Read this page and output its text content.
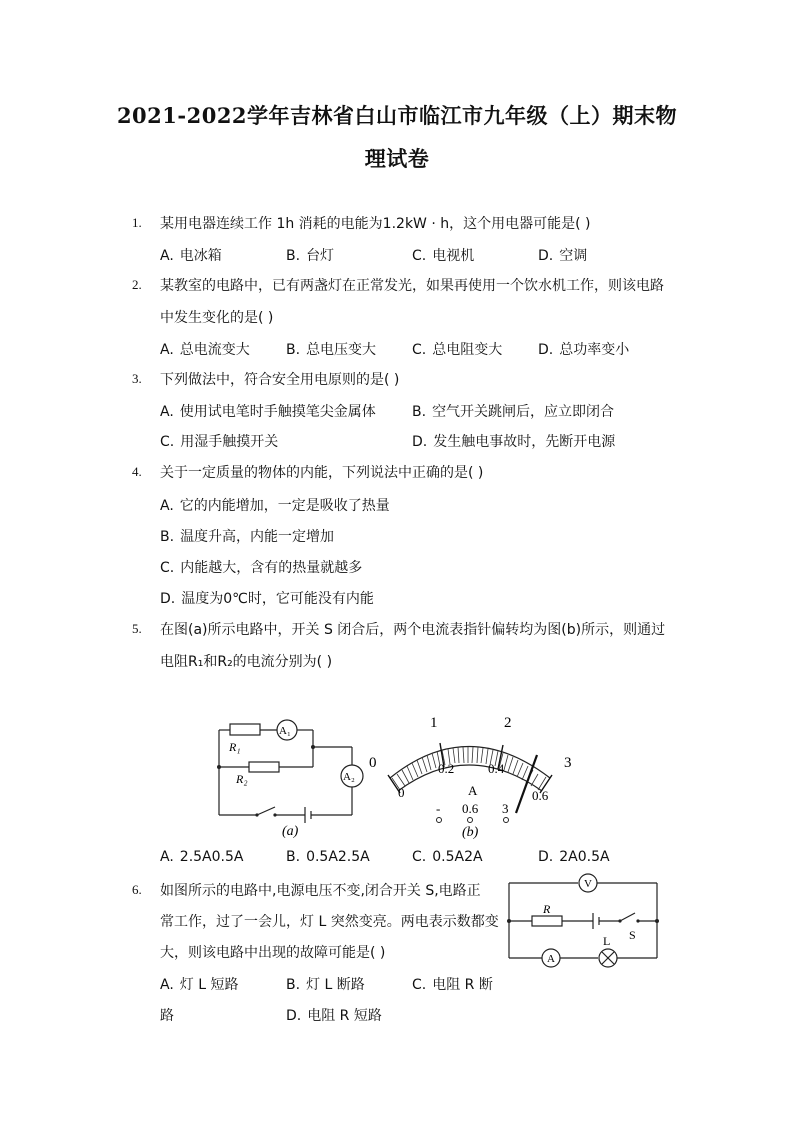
2021-2022学年吉林省白山市临江市九年级（上）期末物
理试卷
1. 某用电器连续工作 1h 消耗的电能为1.2kW · h，这个用电器可能是( )
A. 电冰箱	B. 台灯	C. 电视机	D. 空调
2. 某教室的电路中，已有两盏灯在正常发光，如果再使用一个饮水机工作，则该电路
中发生变化的是( )
A. 总电流变大	B. 总电压变大	C. 总电阻变大	D. 总功率变小
3. 下列做法中，符合安全用电原则的是( )
A. 使用试电笔时手触摸笔尖金属体	B. 空气开关跳闸后，应立即闭合
C. 用湿手触摸开关	D. 发生触电事故时，先断开电源
4. 关于一定质量的物体的内能，下列说法中正确的是( )
A. 它的内能增加，一定是吸收了热量
B. 温度升高，内能一定增加
C. 内能越大，含有的热量就越多
D. 温度为0℃时，它可能没有内能
5. 在图(a)所示电路中，开关 S 闭合后，两个电流表指针偏转均为图(b)所示，则通过
电阻R₁和R₂的电流分别为( )
R₁
R₂
A₁
A₂
(a)
0
1	2
3
0
0.2	0.4
0.6
A
- 0.6 3
(b)
A. 2.5A0.5A	B. 0.5A2.5A	C. 0.5A2A	D. 2A0.5A
6. 如图所示的电路中,电源电压不变,闭合开关 S,电路正
常工作，过了一会儿，灯 L 突然变亮。两电表示数都变
大，则该电路中出现的故障可能是( )
V
R
S
A
L
A. 灯 L 短路	B. 灯 L 断路	C. 电阻 R 断
路	D. 电阻 R 短路
